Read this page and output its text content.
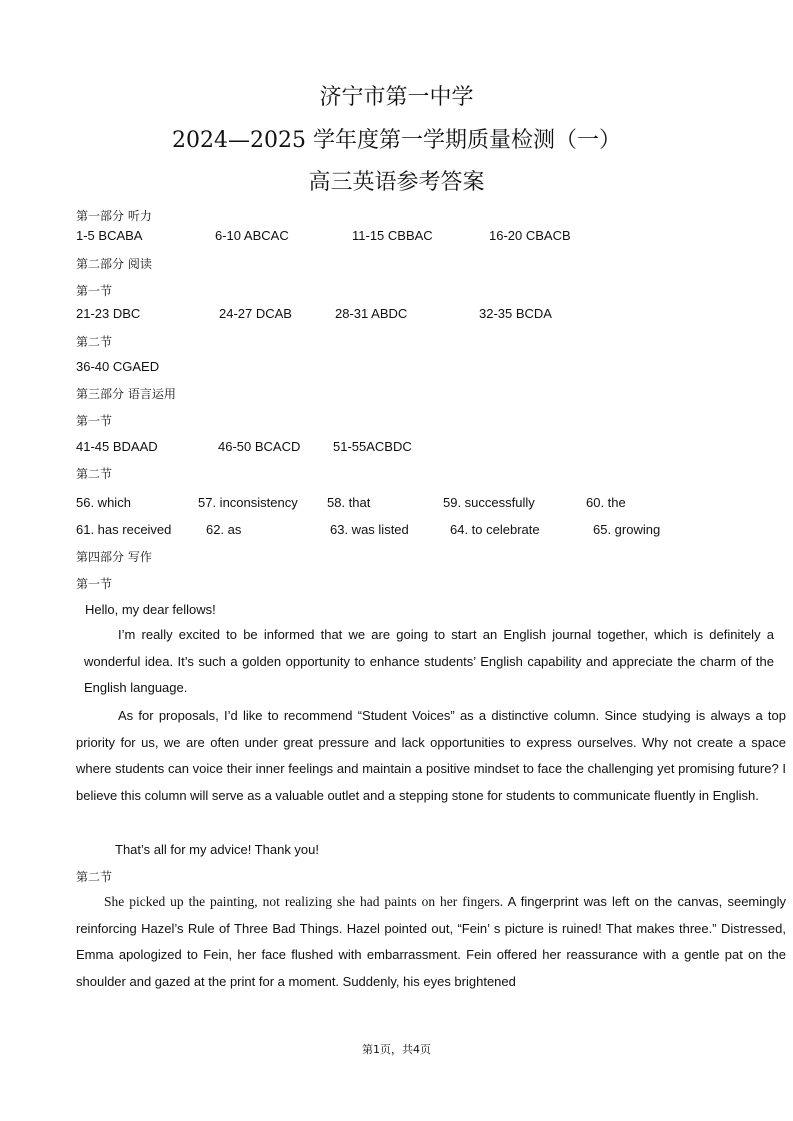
济宁市第一中学
2024—2025 学年度第一学期质量检测（一）
高三英语参考答案
第一部分 听力
1-5 BCABA	6-10 ABCAC	11-15 CBBAC	16-20 CBACB
第二部分 阅读
第一节
21-23 DBC	24-27 DCAB	28-31 ABDC	32-35 BCDA
第二节
36-40 CGAED
第三部分 语言运用
第一节
41-45 BDAAD	46-50 BCACD	51-55ACBDC
第二节
56. which	57. inconsistency 58. that	59. successfully	60. the
61. has received	62. as	63. was listed	64. to celebrate	65. growing
第四部分 写作
第一节
Hello, my dear fellows!

I’m really excited to be informed that we are going to start an English journal together, which is definitely a wonderful idea. It’s such a golden opportunity to enhance students’ English capability and appreciate the charm of the English language.

As for proposals, I’d like to recommend “Student Voices” as a distinctive column. Since studying is always a top priority for us, we are often under great pressure and lack opportunities to express ourselves. Why not create a space where students can voice their inner feelings and maintain a positive mindset to face the challenging yet promising future? I believe this column will serve as a valuable outlet and a stepping stone for students to communicate fluently in English.

That’s all for my advice! Thank you!
第二节

She picked up the painting, not realizing she had paints on her fingers. A fingerprint was left on the canvas, seemingly reinforcing Hazel’s Rule of Three Bad Things. Hazel pointed out, “Fein’ s picture is ruined! That makes three.” Distressed, Emma apologized to Fein, her face flushed with embarrassment. Fein offered her reassurance with a gentle pat on the shoulder and gazed at the print for a moment. Suddenly, his eyes brightened

第1页，共4页
